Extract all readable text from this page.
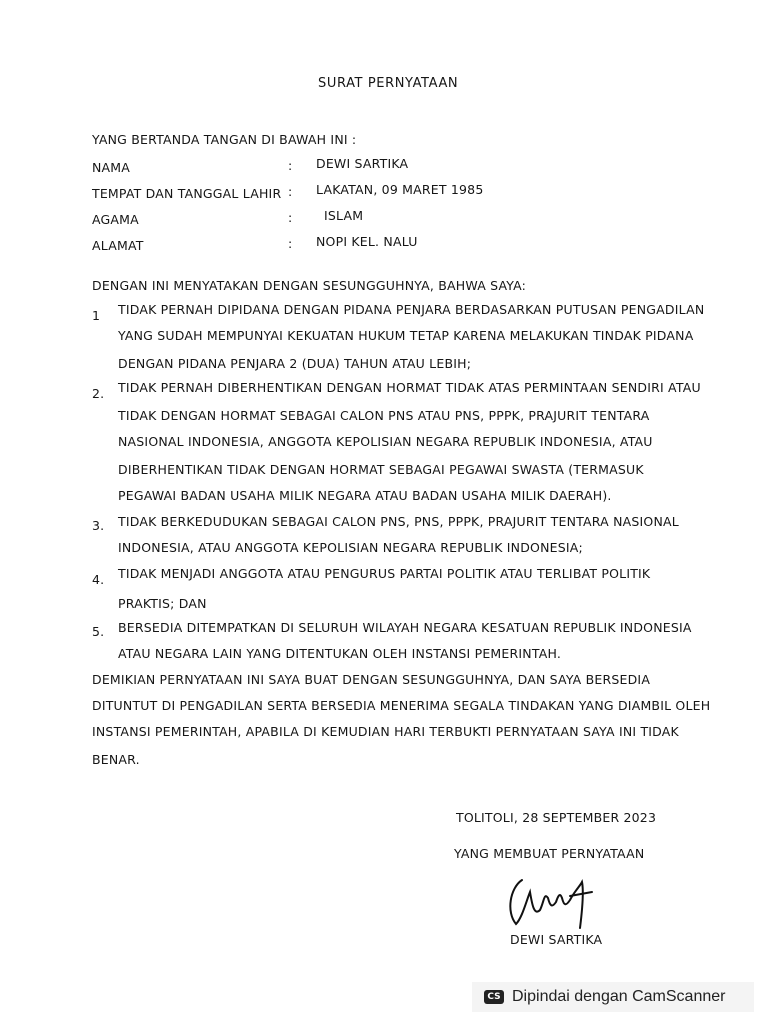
SURAT PERNYATAAN
YANG BERTANDA TANGAN DI BAWAH INI :
NAMA	: DEWI SARTIKA
TEMPAT DAN TANGGAL LAHIR : LAKATAN, 09 MARET 1985
AGAMA	:	ISLAM
ALAMAT	: NOPI KEL. NALU
DENGAN INI MENYATAKAN DENGAN SESUNGGUHNYA, BAHWA SAYA:
1 TIDAK PERNAH DIPIDANA DENGAN PIDANA PENJARA BERDASARKAN PUTUSAN PENGADILAN
YANG SUDAH MEMPUNYAI KEKUATAN HUKUM TETAP KARENA MELAKUKAN TINDAK PIDANA
DENGAN PIDANA PENJARA 2 (DUA) TAHUN ATAU LEBIH;
2. TIDAK PERNAH DIBERHENTIKAN DENGAN HORMAT TIDAK ATAS PERMINTAAN SENDIRI ATAU
TIDAK DENGAN HORMAT SEBAGAI CALON PNS ATAU PNS, PPPK, PRAJURIT TENTARA
NASIONAL INDONESIA, ANGGOTA KEPOLISIAN NEGARA REPUBLIK INDONESIA, ATAU
DIBERHENTIKAN TIDAK DENGAN HORMAT SEBAGAI PEGAWAI SWASTA (TERMASUK
PEGAWAI BADAN USAHA MILIK NEGARA ATAU BADAN USAHA MILIK DAERAH).
3. TIDAK BERKEDUDUKAN SEBAGAI CALON PNS, PNS, PPPK, PRAJURIT TENTARA NASIONAL
INDONESIA, ATAU ANGGOTA KEPOLISIAN NEGARA REPUBLIK INDONESIA;
4. TIDAK MENJADI ANGGOTA ATAU PENGURUS PARTAI POLITIK ATAU TERLIBAT POLITIK
PRAKTIS; DAN
5. BERSEDIA DITEMPATKAN DI SELURUH WILAYAH NEGARA KESATUAN REPUBLIK INDONESIA
ATAU NEGARA LAIN YANG DITENTUKAN OLEH INSTANSI PEMERINTAH.
DEMIKIAN PERNYATAAN INI SAYA BUAT DENGAN SESUNGGUHNYA, DAN SAYA BERSEDIA
DITUNTUT DI PENGADILAN SERTA BERSEDIA MENERIMA SEGALA TINDAKAN YANG DIAMBIL OLEH
INSTANSI PEMERINTAH, APABILA DI KEMUDIAN HARI TERBUKTI PERNYATAAN SAYA INI TIDAK
BENAR.
TOLITOLI, 28 SEPTEMBER 2023
YANG MEMBUAT PERNYATAAN
DEWI SARTIKA
CS Dipindai dengan CamScanner
